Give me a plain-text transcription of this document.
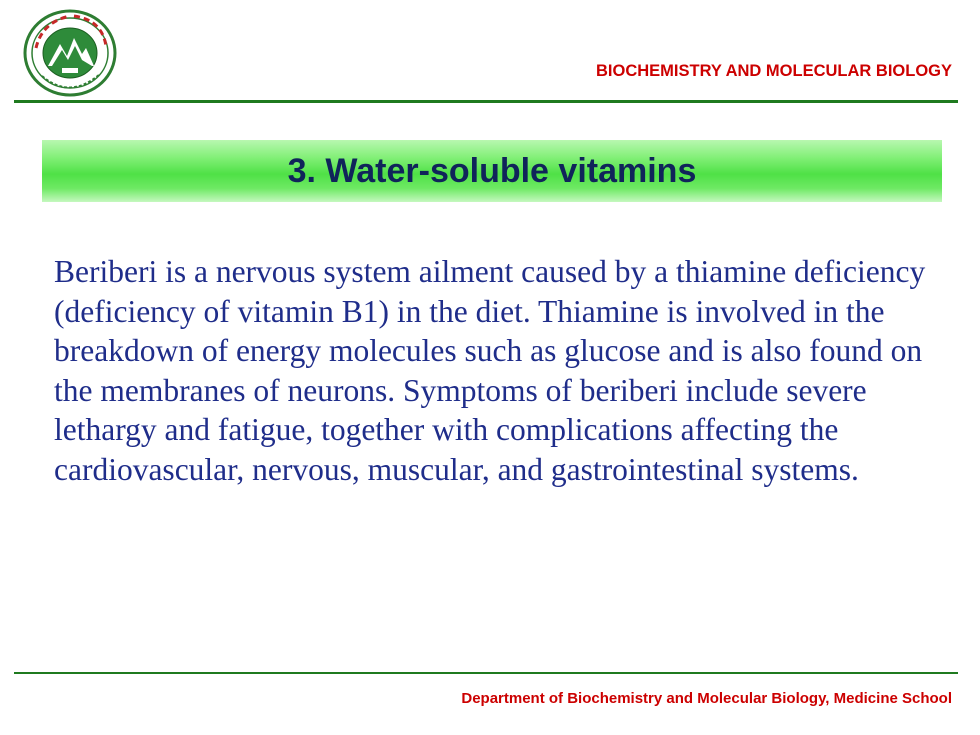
BIOCHEMISTRY AND MOLECULAR BIOLOGY
3. Water-soluble vitamins
Beriberi is a nervous system ailment caused by a thiamine deficiency (deficiency of vitamin B1) in the diet. Thiamine is involved in the breakdown of energy molecules such as glucose and is also found on the membranes of neurons. Symptoms of beriberi include severe lethargy and fatigue, together with complications affecting the cardiovascular, nervous, muscular, and gastrointestinal systems.
Department of Biochemistry and Molecular Biology, Medicine School
